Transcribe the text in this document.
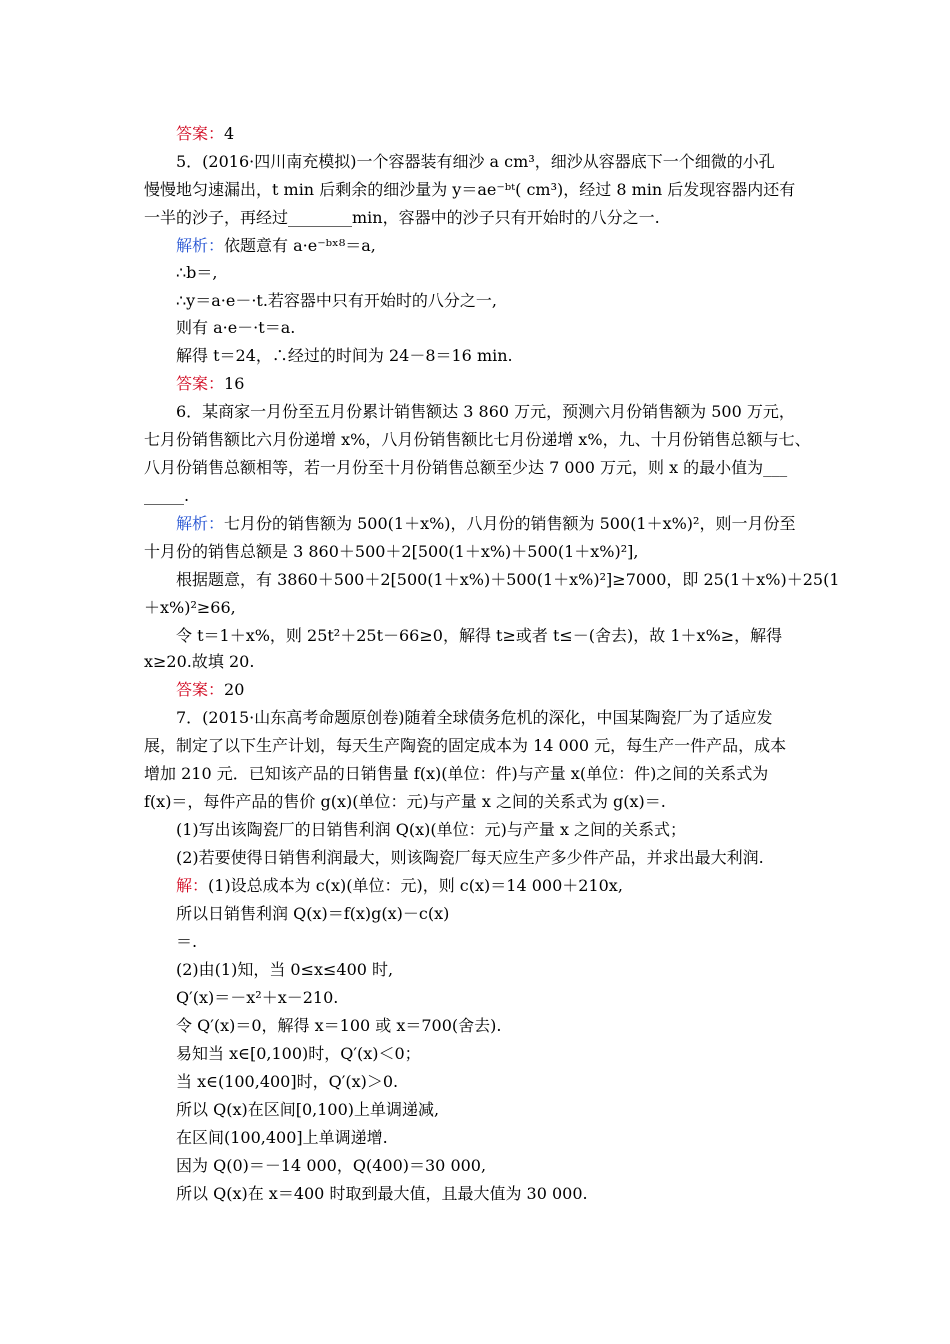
答案：4
5．(2016·四川南充模拟)一个容器装有细沙 a cm³，细沙从容器底下一个细微的小孔
慢慢地匀速漏出，t min 后剩余的细沙量为 y＝ae⁻ᵇᵗ( cm³)，经过 8 min 后发现容器内还有
一半的沙子，再经过________min，容器中的沙子只有开始时的八分之一.
解析：依题意有 a·e⁻ᵇˣ⁸＝a,
∴b＝,
∴y＝a·e－·t.若容器中只有开始时的八分之一,
则有 a·e－·t＝a.
解得 t＝24，∴经过的时间为 24－8＝16 min.
答案：16
6．某商家一月份至五月份累计销售额达 3 860 万元，预测六月份销售额为 500 万元，
七月份销售额比六月份递增 x%，八月份销售额比七月份递增 x%，九、十月份销售总额与七、
八月份销售总额相等，若一月份至十月份销售总额至少达 7 000 万元，则 x 的最小值为___
_____.
解析：七月份的销售额为 500(1＋x%)，八月份的销售额为 500(1＋x%)²，则一月份至
十月份的销售总额是 3 860＋500＋2[500(1＋x%)＋500(1＋x%)²],
根据题意，有 3860＋500＋2[500(1＋x%)＋500(1＋x%)²]≥7000，即 25(1＋x%)＋25(1
＋x%)²≥66,
令 t＝1＋x%，则 25t²＋25t－66≥0，解得 t≥或者 t≤－(舍去)，故 1＋x%≥，解得
x≥20.故填 20.
答案：20
7．(2015·山东高考命题原创卷)随着全球债务危机的深化，中国某陶瓷厂为了适应发
展，制定了以下生产计划，每天生产陶瓷的固定成本为 14 000 元，每生产一件产品，成本
增加 210 元．已知该产品的日销售量 f(x)(单位：件)与产量 x(单位：件)之间的关系式为
f(x)＝，每件产品的售价 g(x)(单位：元)与产量 x 之间的关系式为 g(x)＝.
(1)写出该陶瓷厂的日销售利润 Q(x)(单位：元)与产量 x 之间的关系式；
(2)若要使得日销售利润最大，则该陶瓷厂每天应生产多少件产品，并求出最大利润.
解：(1)设总成本为 c(x)(单位：元)，则 c(x)＝14 000＋210x,
所以日销售利润 Q(x)＝f(x)g(x)－c(x)
＝.
(2)由(1)知，当 0≤x≤400 时,
Q′(x)＝－x²＋x－210.
令 Q′(x)＝0，解得 x＝100 或 x＝700(舍去).
易知当 x∈[0,100)时，Q′(x)＜0；
当 x∈(100,400]时，Q′(x)＞0.
所以 Q(x)在区间[0,100)上单调递减,
在区间(100,400]上单调递增.
因为 Q(0)＝－14 000，Q(400)＝30 000,
所以 Q(x)在 x＝400 时取到最大值，且最大值为 30 000.
